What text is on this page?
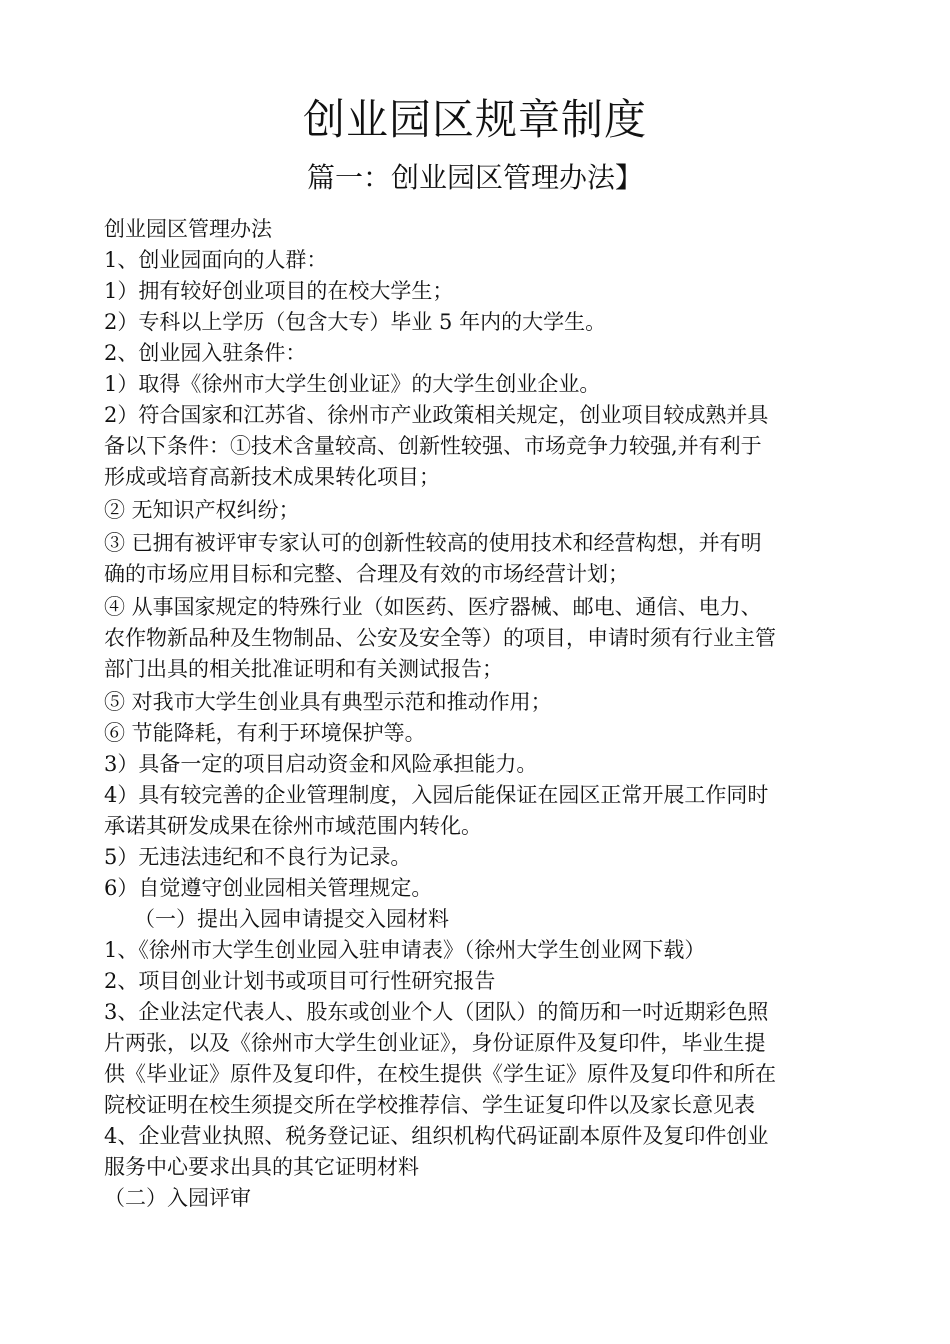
创业园区规章制度
篇一：创业园区管理办法】
创业园区管理办法
1、创业园面向的人群：
1）拥有较好创业项目的在校大学生；
2）专科以上学历（包含大专）毕业 5 年内的大学生。
2、创业园入驻条件：
1）取得《徐州市大学生创业证》的大学生创业企业。
2）符合国家和江苏省、徐州市产业政策相关规定，创业项目较成熟并具
备以下条件：①技术含量较高、创新性较强、市场竞争力较强,并有利于
形成或培育高新技术成果转化项目；
② 无知识产权纠纷；
③ 已拥有被评审专家认可的创新性较高的使用技术和经营构想，并有明
确的市场应用目标和完整、合理及有效的市场经营计划；
④ 从事国家规定的特殊行业（如医药、医疗器械、邮电、通信、电力、
农作物新品种及生物制品、公安及安全等）的项目，申请时须有行业主管
部门出具的相关批准证明和有关测试报告；
⑤ 对我市大学生创业具有典型示范和推动作用；
⑥ 节能降耗，有利于环境保护等。
3）具备一定的项目启动资金和风险承担能力。
4）具有较完善的企业管理制度，入园后能保证在园区正常开展工作同时
承诺其研发成果在徐州市域范围内转化。
5）无违法违纪和不良行为记录。
6）自觉遵守创业园相关管理规定。
（一）提出入园申请提交入园材料
1、《徐州市大学生创业园入驻申请表》（徐州大学生创业网下载）
2、项目创业计划书或项目可行性研究报告
3、企业法定代表人、股东或创业个人（团队）的简历和一吋近期彩色照
片两张，以及《徐州市大学生创业证》，身份证原件及复印件，毕业生提
供《毕业证》原件及复印件，在校生提供《学生证》原件及复印件和所在
院校证明在校生须提交所在学校推荐信、学生证复印件以及家长意见表
4、企业营业执照、税务登记证、组织机构代码证副本原件及复印件创业
服务中心要求出具的其它证明材料
（二）入园评审
